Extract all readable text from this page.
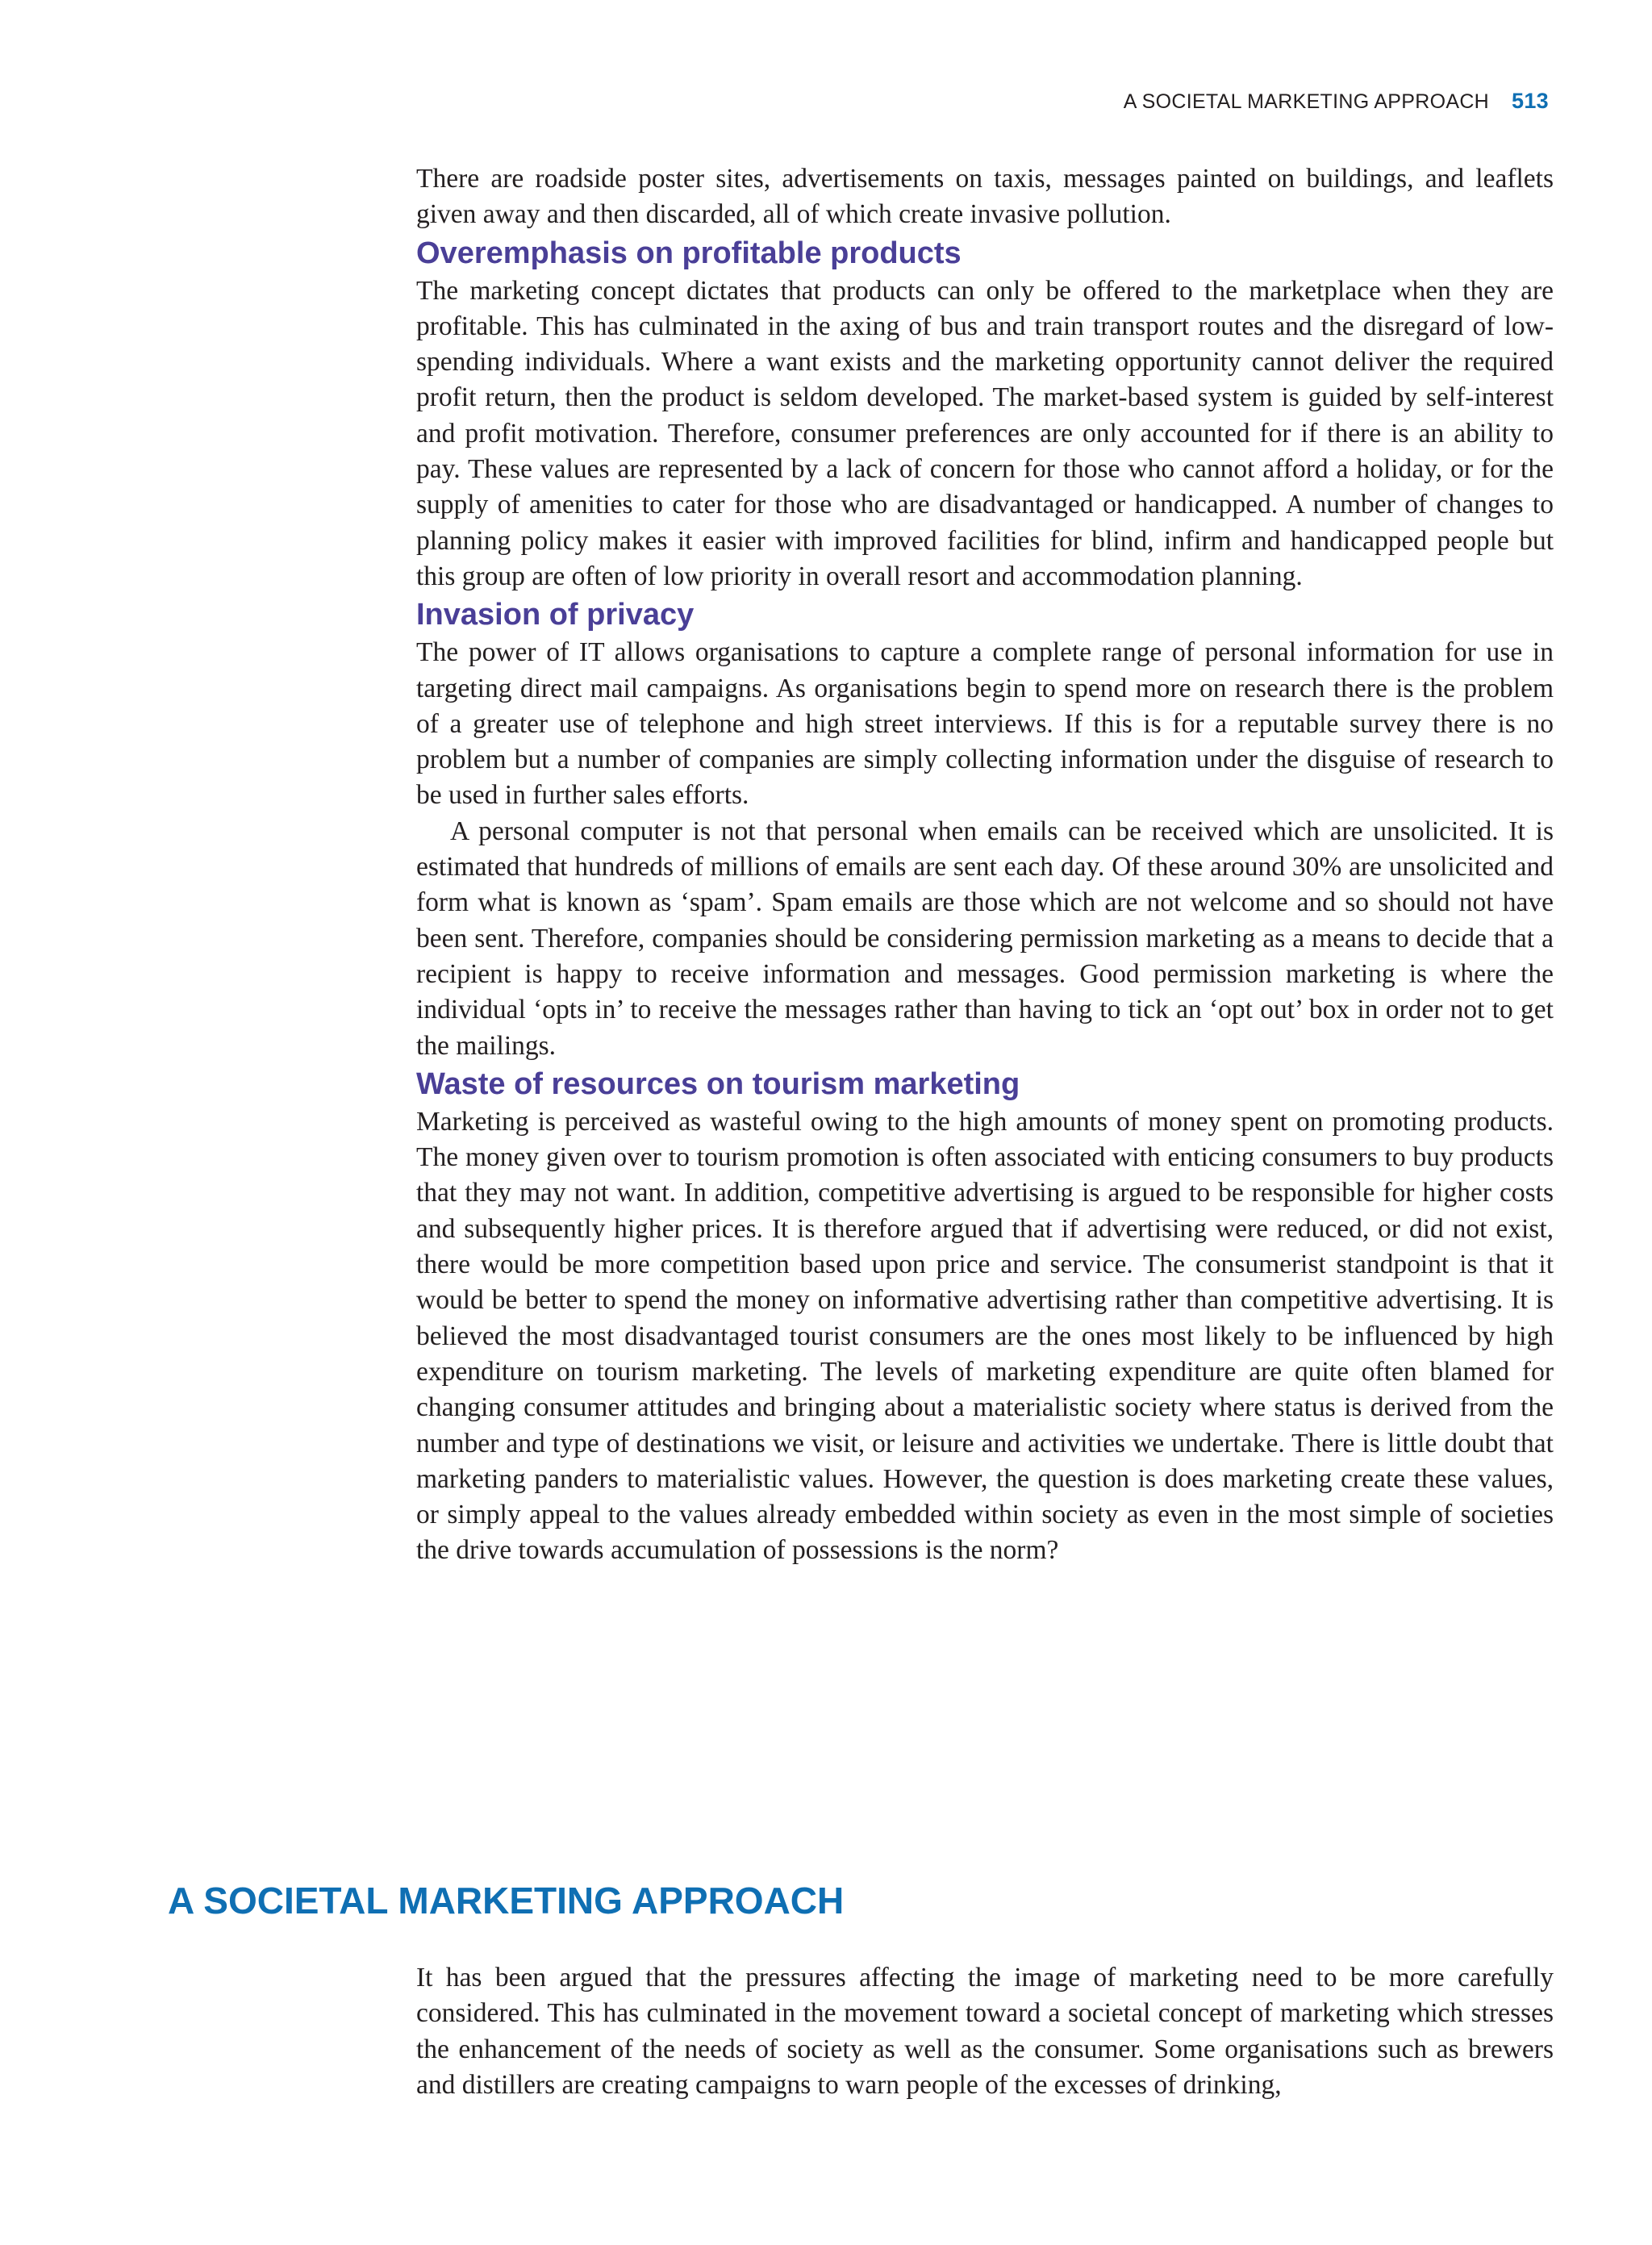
A SOCIETAL MARKETING APPROACH 513

There are roadside poster sites, advertisements on taxis, messages painted on buildings, and leaflets given away and then discarded, all of which create invasive pollution.

Overemphasis on profitable products

The marketing concept dictates that products can only be offered to the marketplace when they are profitable. This has culminated in the axing of bus and train transport routes and the disregard of low-spending individuals. Where a want exists and the marketing opportunity cannot deliver the required profit return, then the product is seldom developed. The market-based system is guided by self-interest and profit motivation. Therefore, consumer preferences are only accounted for if there is an ability to pay. These values are represented by a lack of concern for those who cannot afford a holiday, or for the supply of amenities to cater for those who are disadvantaged or handicapped. A number of changes to planning policy makes it easier with improved facilities for blind, infirm and handicapped people but this group are often of low priority in overall resort and accommodation planning.

Invasion of privacy

The power of IT allows organisations to capture a complete range of personal information for use in targeting direct mail campaigns. As organisations begin to spend more on research there is the problem of a greater use of telephone and high street interviews. If this is for a reputable survey there is no problem but a number of companies are simply collecting information under the disguise of research to be used in further sales efforts.

A personal computer is not that personal when emails can be received which are unsolicited. It is estimated that hundreds of millions of emails are sent each day. Of these around 30% are unsolicited and form what is known as ‘spam’. Spam emails are those which are not welcome and so should not have been sent. Therefore, companies should be considering permission marketing as a means to decide that a recipient is happy to receive information and messages. Good permission marketing is where the individual ‘opts in’ to receive the messages rather than having to tick an ‘opt out’ box in order not to get the mailings.

Waste of resources on tourism marketing

Marketing is perceived as wasteful owing to the high amounts of money spent on promoting products. The money given over to tourism promotion is often associated with enticing consumers to buy products that they may not want. In addition, competitive advertising is argued to be responsible for higher costs and subsequently higher prices. It is therefore argued that if advertising were reduced, or did not exist, there would be more competition based upon price and service. The consumerist standpoint is that it would be better to spend the money on informative advertising rather than competitive advertising. It is believed the most disadvantaged tourist consumers are the ones most likely to be influenced by high expenditure on tourism marketing. The levels of marketing expenditure are quite often blamed for changing consumer attitudes and bringing about a materialistic society where status is derived from the number and type of destinations we visit, or leisure and activities we undertake. There is little doubt that marketing panders to materialistic values. However, the question is does marketing create these values, or simply appeal to the values already embedded within society as even in the most simple of societies the drive towards accumulation of possessions is the norm?

A SOCIETAL MARKETING APPROACH

It has been argued that the pressures affecting the image of marketing need to be more carefully considered. This has culminated in the movement toward a societal concept of marketing which stresses the enhancement of the needs of society as well as the consumer. Some organisations such as brewers and distillers are creating campaigns to warn people of the excesses of drinking,
